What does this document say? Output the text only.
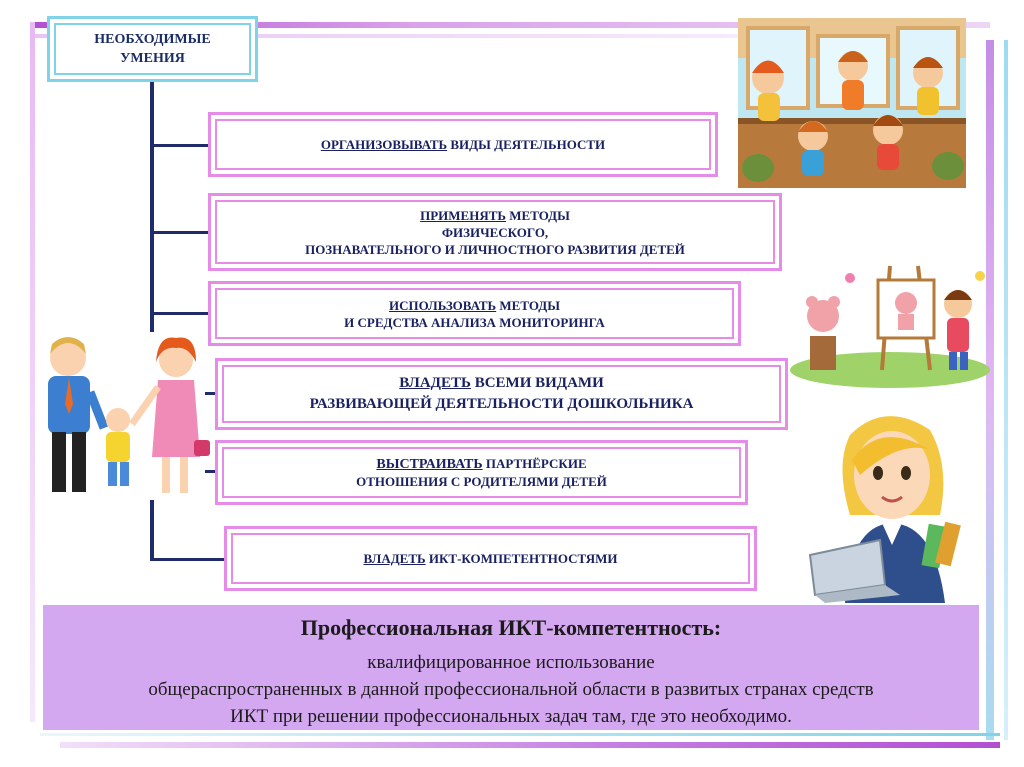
НЕОБХОДИМЫЕ
УМЕНИЯ
ОРГАНИЗОВЫВАТЬ ВИДЫ ДЕЯТЕЛЬНОСТИ
ПРИМЕНЯТЬ МЕТОДЫ
ФИЗИЧЕСКОГО,
ПОЗНАВАТЕЛЬНОГО И ЛИЧНОСТНОГО РАЗВИТИЯ ДЕТЕЙ
ИСПОЛЬЗОВАТЬ МЕТОДЫ
И СРЕДСТВА АНАЛИЗА МОНИТОРИНГА
ВЛАДЕТЬ ВСЕМИ ВИДАМИ
РАЗВИВАЮЩЕЙ ДЕЯТЕЛЬНОСТИ ДОШКОЛЬНИКА
ВЫСТРАИВАТЬ ПАРТНЁРСКИЕ
ОТНОШЕНИЯ С РОДИТЕЛЯМИ ДЕТЕЙ
ВЛАДЕТЬ ИКТ-КОМПЕТЕНТНОСТЯМИ
Профессиональная ИКТ-компетентность:
квалифицированное использование
общераспространенных в данной профессиональной области в развитых странах средств
ИКТ при решении профессиональных задач там, где это необходимо.
